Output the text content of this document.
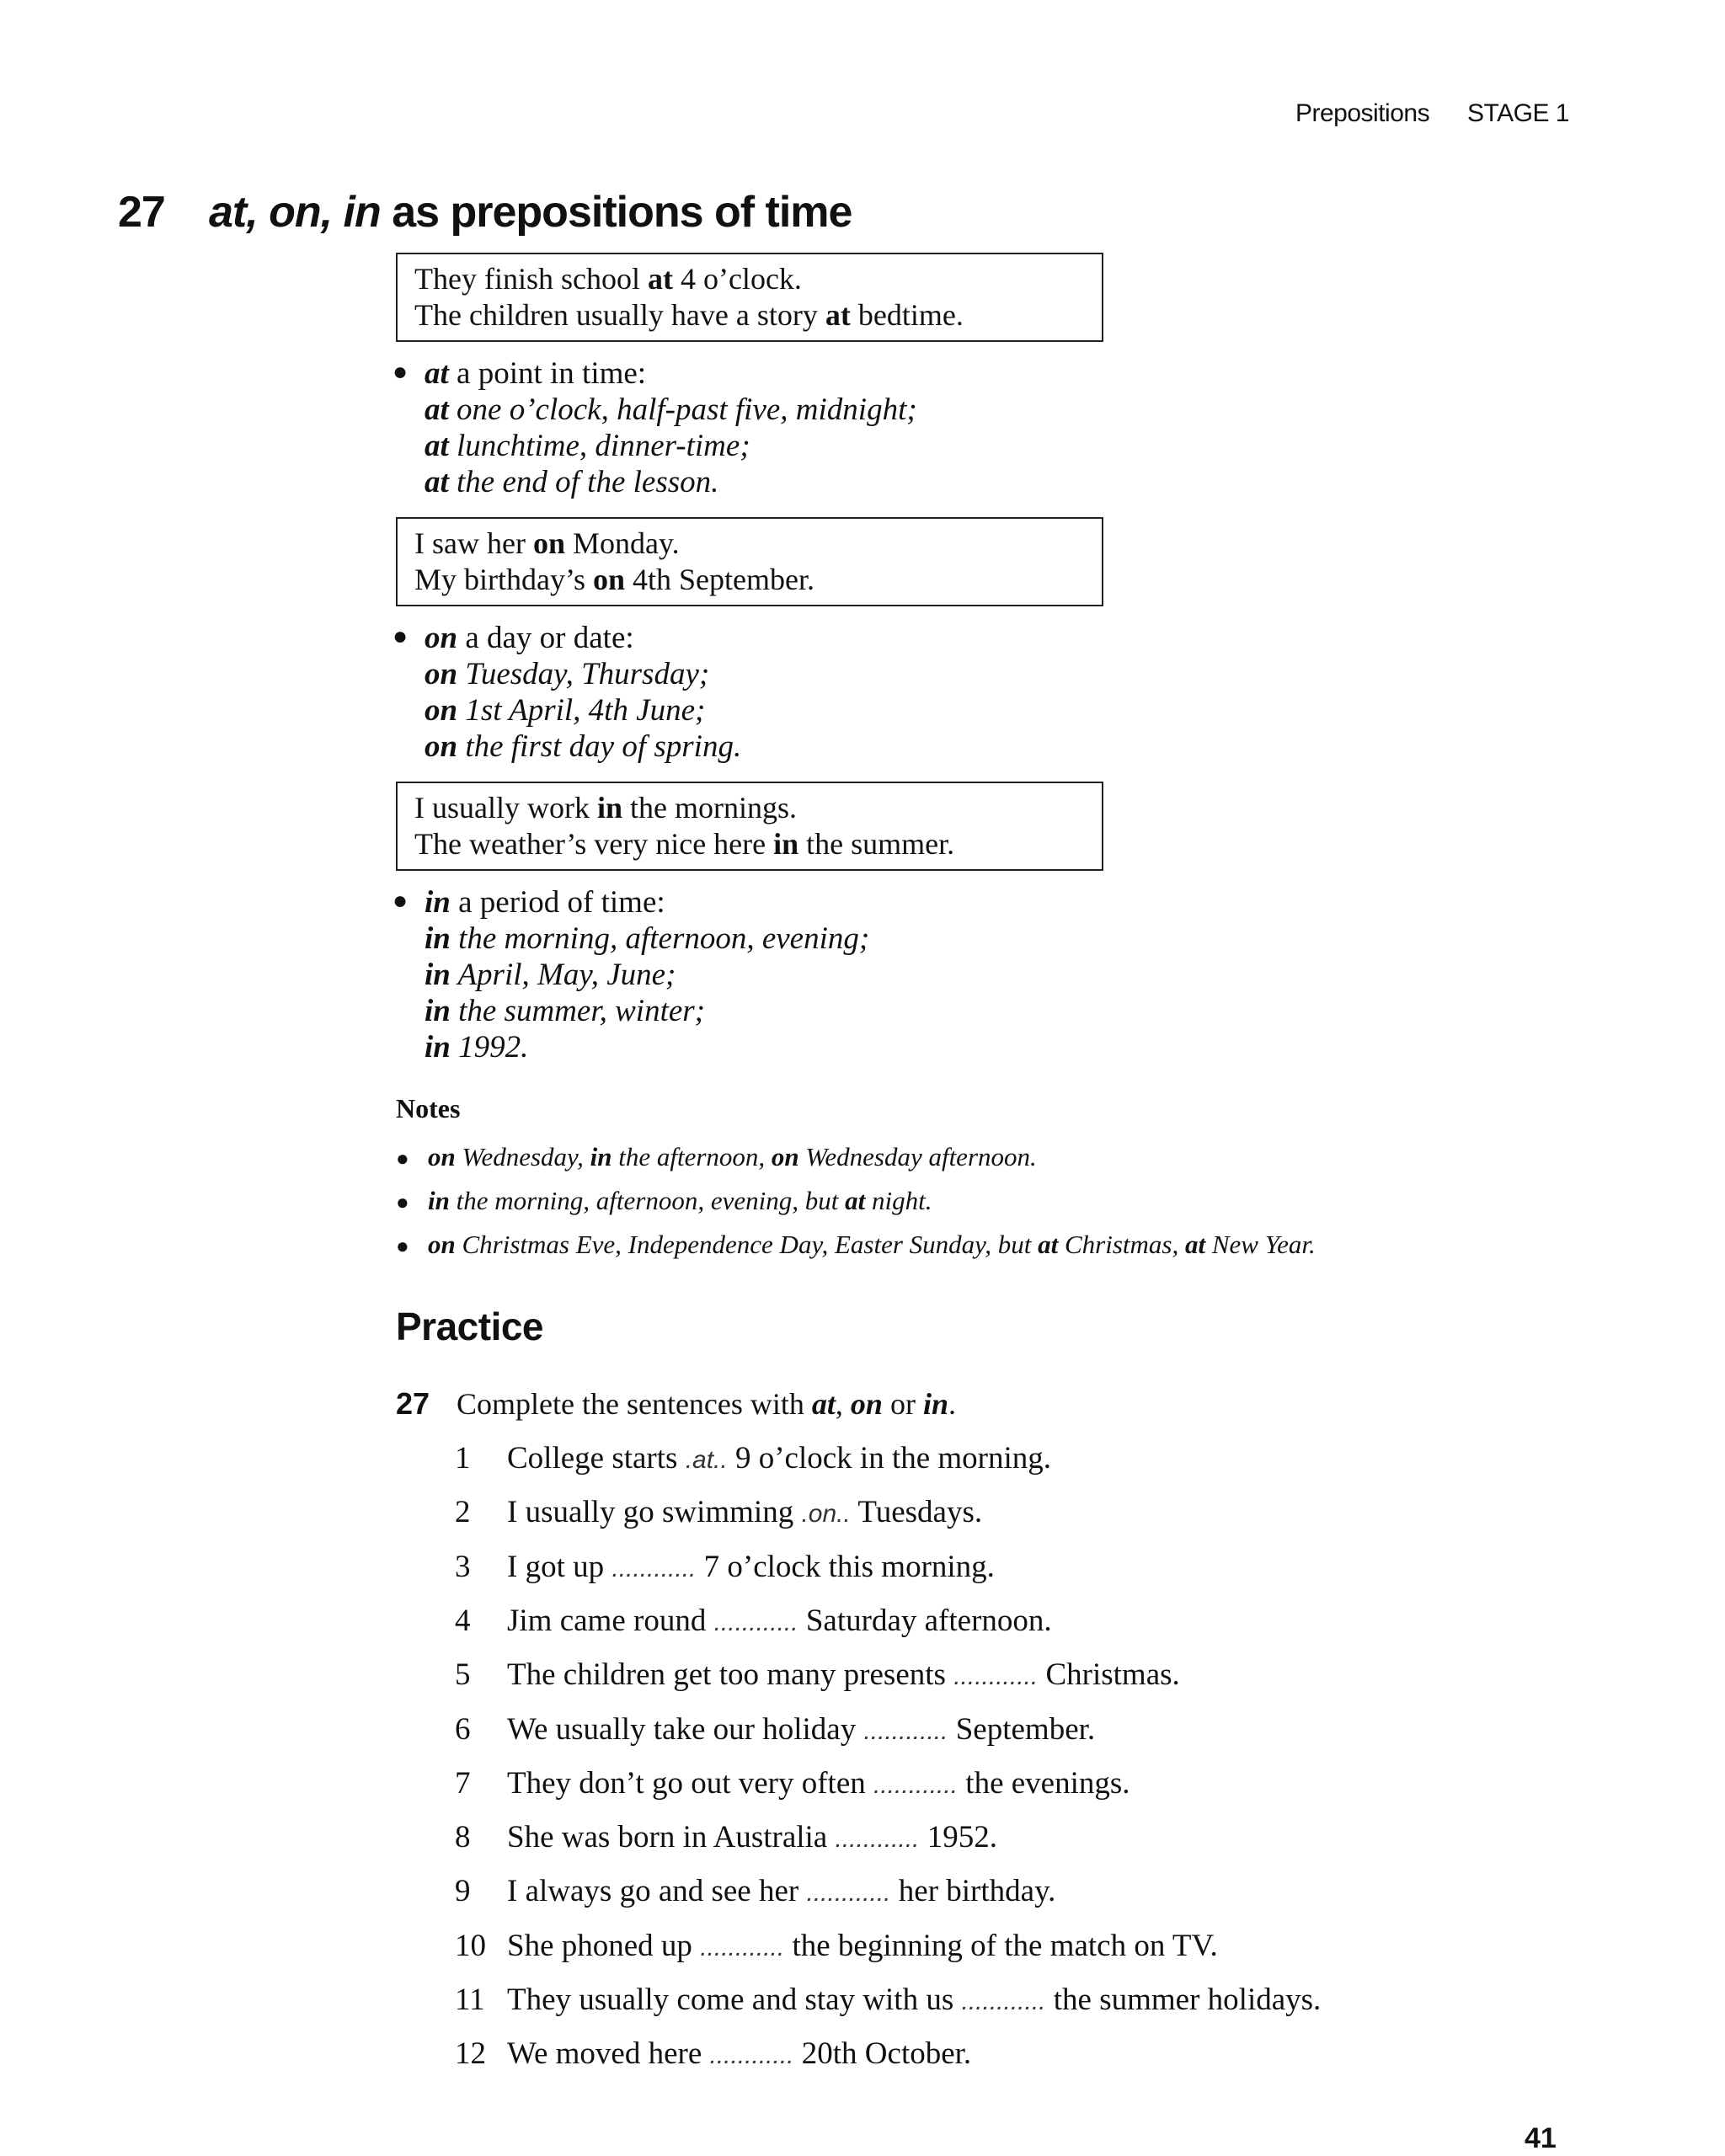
Prepositions STAGE 1
27 at, on, in as prepositions of time
They finish school at 4 o’clock.
The children usually have a story at bedtime.
● at a point in time:
at one o’clock, half-past five, midnight;
at lunchtime, dinner-time;
at the end of the lesson.
I saw her on Monday.
My birthday’s on 4th September.
● on a day or date:
on Tuesday, Thursday;
on 1st April, 4th June;
on the first day of spring.
I usually work in the mornings.
The weather’s very nice here in the summer.
● in a period of time:
in the morning, afternoon, evening;
in April, May, June;
in the summer, winter;
in 1992.
Notes
● on Wednesday, in the afternoon, on Wednesday afternoon.
● in the morning, afternoon, evening, but at night.
● on Christmas Eve, Independence Day, Easter Sunday, but at Christmas, at New Year.
Practice
27 Complete the sentences with at, on or in.
1 College starts .at.. 9 o’clock in the morning.
2 I usually go swimming .on.. Tuesdays.
3 I got up ............ 7 o’clock this morning.
4 Jim came round ............ Saturday afternoon.
5 The children get too many presents ............ Christmas.
6 We usually take our holiday ............ September.
7 They don’t go out very often ............ the evenings.
8 She was born in Australia ............ 1952.
9 I always go and see her ............ her birthday.
10 She phoned up ............ the beginning of the match on TV.
11 They usually come and stay with us ............ the summer holidays.
12 We moved here ............ 20th October.
41
